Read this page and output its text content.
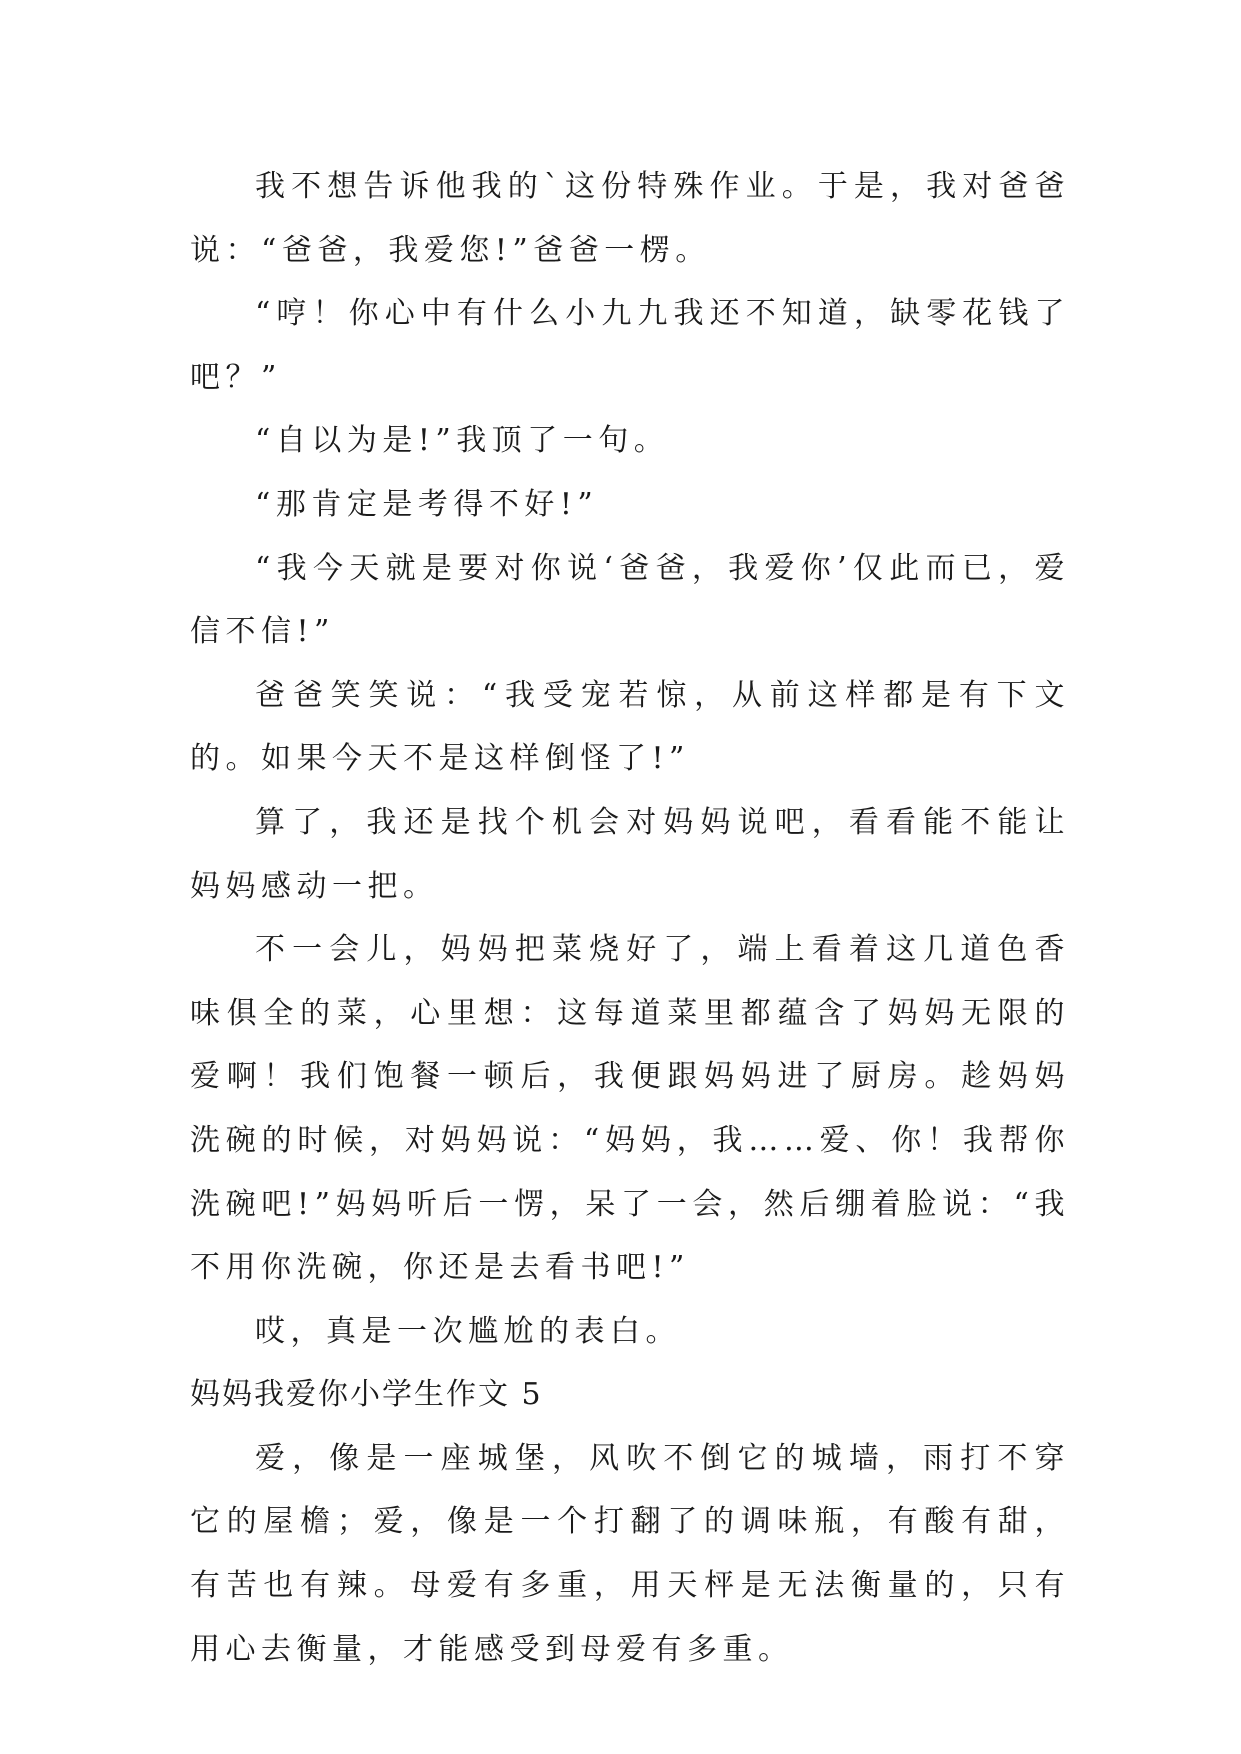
我不想告诉他我的`这份特殊作业。于是，我对爸爸说：“爸爸，我爱您!”爸爸一楞。

“哼！你心中有什么小九九我还不知道，缺零花钱了吧？”

“自以为是!”我顶了一句。

“那肯定是考得不好!”

“我今天就是要对你说‘爸爸，我爱你’仅此而已，爱信不信!”

爸爸笑笑说：“我受宠若惊，从前这样都是有下文的。如果今天不是这样倒怪了!”

算了，我还是找个机会对妈妈说吧，看看能不能让妈妈感动一把。

不一会儿，妈妈把菜烧好了，端上看着这几道色香味俱全的菜，心里想：这每道菜里都蕴含了妈妈无限的爱啊！我们饱餐一顿后，我便跟妈妈进了厨房。趁妈妈洗碗的时候，对妈妈说：“妈妈，我……爱、你！我帮你洗碗吧!”妈妈听后一愣，呆了一会，然后绷着脸说：“我不用你洗碗，你还是去看书吧!”

哎，真是一次尴尬的表白。

妈妈我爱你小学生作文 5

爱，像是一座城堡，风吹不倒它的城墙，雨打不穿它的屋檐；爱，像是一个打翻了的调味瓶，有酸有甜，有苦也有辣。母爱有多重，用天枰是无法衡量的，只有用心去衡量，才能感受到母爱有多重。
